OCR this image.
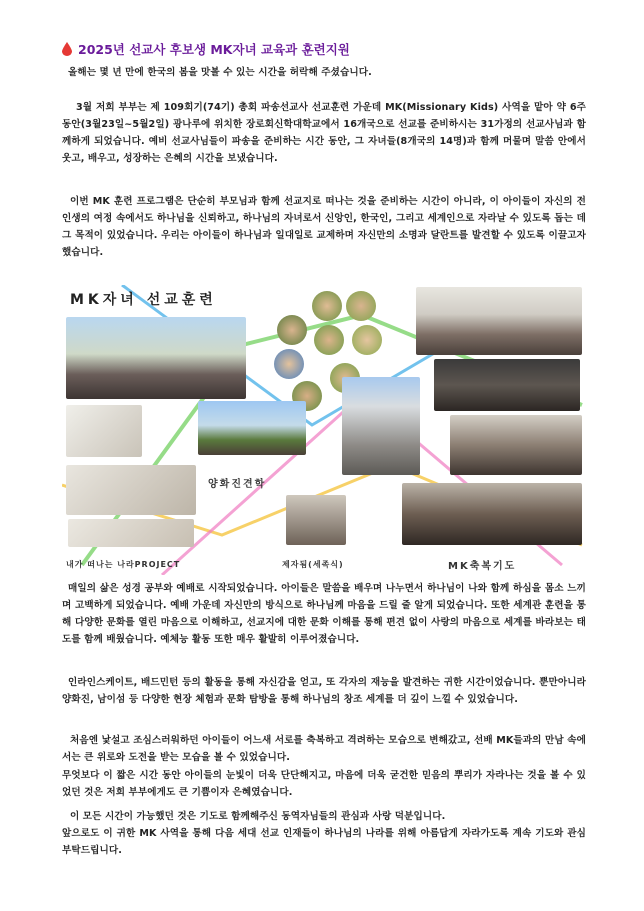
2025년 선교사 후보생 MK자녀 교육과 훈련지원

올해는 몇 년 만에 한국의 봄을 맛볼 수 있는 시간을 허락해 주셨습니다.

3월 저희 부부는 제 109회기(74기) 총회 파송선교사 선교훈련 가운데 MK(Missionary Kids) 사역을 맡아 약 6주 동안(3월23일~5월2일) 광나루에 위치한 장로회신학대학교에서 16개국으로 선교를 준비하시는 31가정의 선교사님과 함께하게 되었습니다. 예비 선교사님들이 파송을 준비하는 시간 동안, 그 자녀들(8개국의 14명)과 함께 머물며 말씀 안에서 웃고, 배우고, 성장하는 은혜의 시간을 보냈습니다.

이번 MK 훈련 프로그램은 단순히 부모님과 함께 선교지로 떠나는 것을 준비하는 시간이 아니라, 이 아이들이 자신의 전 인생의 여정 속에서도 하나님을 신뢰하고, 하나님의 자녀로서 신앙인, 한국인, 그리고 세계인으로 자라날 수 있도록 돕는 데 그 목적이 있었습니다. 우리는 아이들이 하나님과 일대일로 교제하며 자신만의 소명과 달란트를 발견할 수 있도록 이끌고자 했습니다.

MK자녀 선교훈련
양화진견학
내가 떠나는 나라PROJECT	제자됨(세족식)	MK축복기도

매일의 삶은 성경 공부와 예배로 시작되었습니다. 아이들은 말씀을 배우며 나누면서 하나님이 나와 함께 하심을 몸소 느끼며 고백하게 되었습니다. 예배 가운데 자신만의 방식으로 하나님께 마음을 드릴 줄 알게 되었습니다. 또한 세계관 훈련을 통해 다양한 문화를 열린 마음으로 이해하고, 선교지에 대한 문화 이해를 통해 편견 없이 사랑의 마음으로 세계를 바라보는 태도를 함께 배웠습니다. 예체능 활동 또한 매우 활발히 이루어졌습니다.

인라인스케이트, 배드민턴 등의 활동을 통해 자신감을 얻고, 또 각자의 재능을 발견하는 귀한 시간이었습니다. 뿐만아니라 양화진, 남이섬 등 다양한 현장 체험과 문화 탐방을 통해 하나님의 창조 세계를 더 깊이 느낄 수 있었습니다.

처음엔 낯설고 조심스러워하던 아이들이 어느새 서로를 축복하고 격려하는 모습으로 변해갔고, 선배 MK들과의 만남 속에서는 큰 위로와 도전을 받는 모습을 볼 수 있었습니다.

무엇보다 이 짧은 시간 동안 아이들의 눈빛이 더욱 단단해지고, 마음에 더욱 굳건한 믿음의 뿌리가 자라나는 것을 볼 수 있었던 것은 저희 부부에게도 큰 기쁨이자 은혜였습니다.

이 모든 시간이 가능했던 것은 기도로 함께해주신 동역자님들의 관심과 사랑 덕분입니다.

앞으로도 이 귀한 MK 사역을 통해 다음 세대 선교 인재들이 하나님의 나라를 위해 아름답게 자라가도록 계속 기도와 관심 부탁드립니다.
